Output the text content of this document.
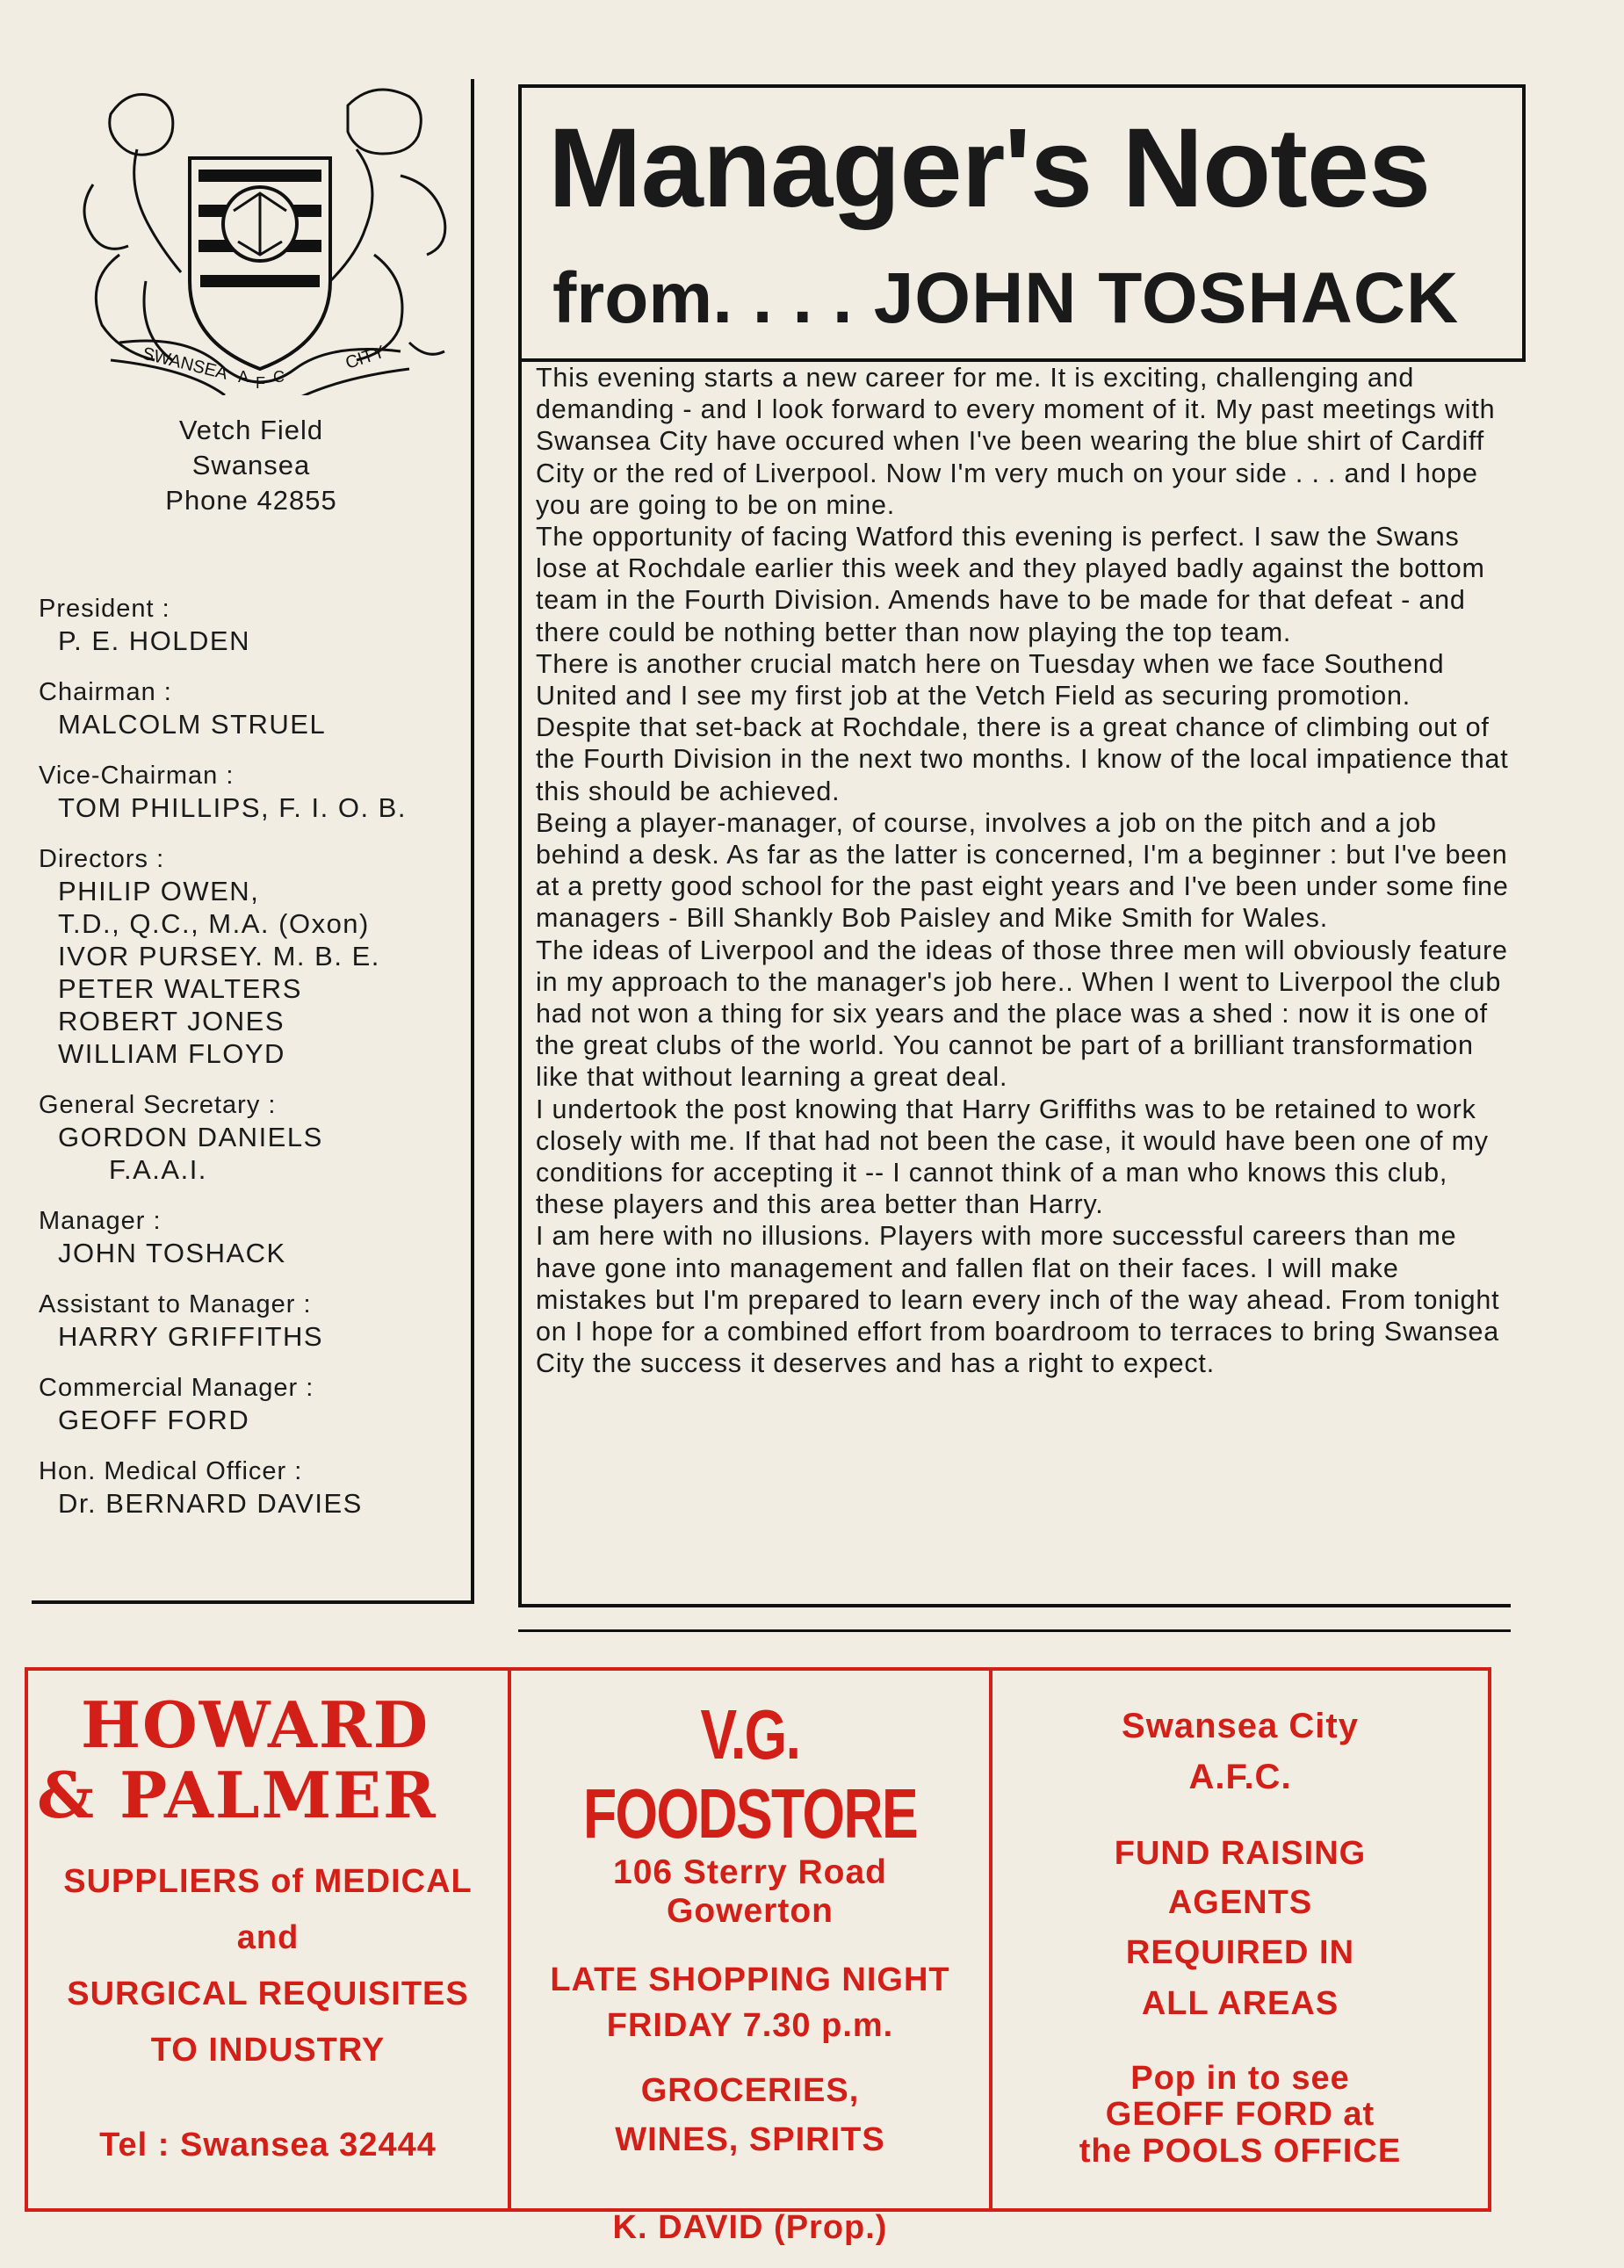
SWANSEA	CITY
A F C
Vetch Field
Swansea
Phone 42855
President :
P. E. HOLDEN
Chairman :
MALCOLM STRUEL
Vice-Chairman :
TOM PHILLIPS, F. I. O. B.
Directors :
PHILIP OWEN,
T.D., Q.C., M.A. (Oxon)
IVOR PURSEY. M. B. E.
PETER WALTERS
ROBERT JONES
WILLIAM FLOYD
General Secretary :
GORDON DANIELS
F.A.A.I.
Manager :
JOHN TOSHACK
Assistant to Manager :
HARRY GRIFFITHS
Commercial Manager :
GEOFF FORD
Hon. Medical Officer :
Dr. BERNARD DAVIES
Manager's Notes
from. . . . JOHN TOSHACK

This evening starts a new career for me. It is exciting, challenging and demanding - and I look forward to every moment of it. My past meetings with Swansea City have occured when I've been wearing the blue shirt of Cardiff City or the red of Liverpool. Now I'm very much on your side . . . and I hope you are going to be on mine.

The opportunity of facing Watford this evening is perfect. I saw the Swans lose at Rochdale earlier this week and they played badly against the bottom team in the Fourth Division. Amends have to be made for that defeat - and there could be nothing better than now playing the top team.

There is another crucial match here on Tuesday when we face Southend United and I see my first job at the Vetch Field as securing promotion. Despite that set-back at Rochdale, there is a great chance of climbing out of the Fourth Division in the next two months. I know of the local impatience that this should be achieved.

Being a player-manager, of course, involves a job on the pitch and a job behind a desk. As far as the latter is concerned, I'm a beginner : but I've been at a pretty good school for the past eight years and I've been under some fine managers - Bill Shankly Bob Paisley and Mike Smith for Wales.

The ideas of Liverpool and the ideas of those three men will obviously feature in my approach to the manager's job here.. When I went to Liverpool the club had not won a thing for six years and the place was a shed : now it is one of the great clubs of the world. You cannot be part of a brilliant transformation like that without learning a great deal.

I undertook the post knowing that Harry Griffiths was to be retained to work closely with me. If that had not been the case, it would have been one of my conditions for accepting it -- I cannot think of a man who knows this club, these players and this area better than Harry.

I am here with no illusions. Players with more successful careers than me have gone into management and fallen flat on their faces. I will make mistakes but I'm prepared to learn every inch of the way ahead. From tonight on I hope for a combined effort from boardroom to terraces to bring Swansea City the success it deserves and has a right to expect.

HOWARD
& PALMER
SUPPLIERS of MEDICAL
and
SURGICAL REQUISITES
TO INDUSTRY
Tel : Swansea 32444
V.G. FOODSTORE
106 Sterry Road
Gowerton
LATE SHOPPING NIGHT
FRIDAY 7.30 p.m.
GROCERIES,
WINES, SPIRITS
K. DAVID (Prop.)
Swansea City
A.F.C.
FUND RAISING
AGENTS
REQUIRED IN
ALL AREAS
Pop in to see
GEOFF FORD at
the POOLS OFFICE
